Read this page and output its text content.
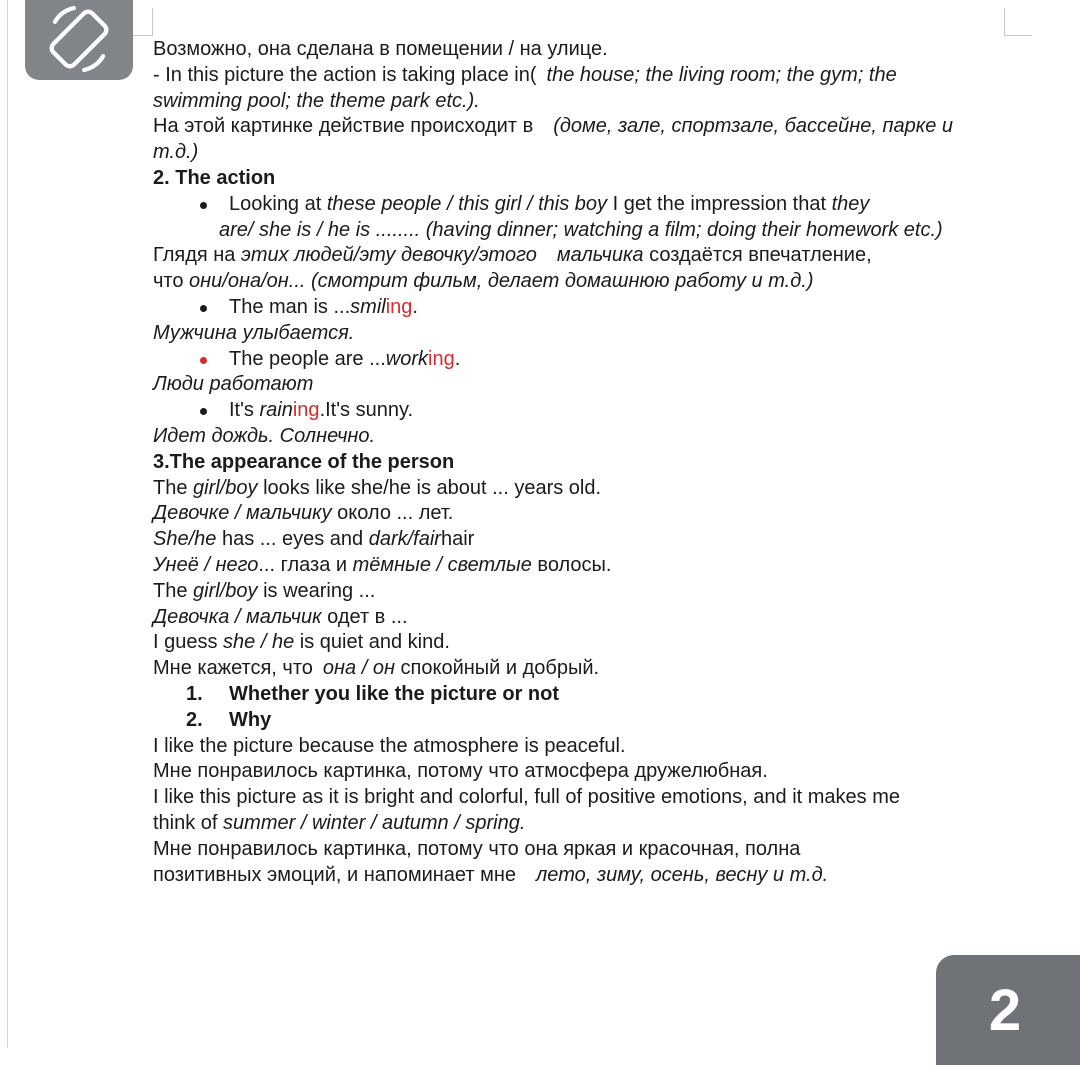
Возможно, она сделана в помещении / на улице.
- In this picture the action is taking place in( the house; the living room; the gym; the
swimming pool; the theme park etc.).
На этой картинке действие происходит в (доме, зале, спортзале, бассейне, парке и
т.д.)
2. The action
Looking at these people / this girl / this boy I get the impression that they
are/ she is / he is ........ (having dinner; watching a film; doing their homework etc.)
Глядя на этих людей/эту девочку/этого мальчика создаётся впечатление,
что они/она/он... (смотрит фильм, делает домашнюю работу и т.д.)
The man is ...smiling.
Мужчина улыбается.
The people are ...working.
Люди работают
It's raining.It's sunny.
Идет дождь. Солнечно.
3.The appearance of the person
The girl/boy looks like she/he is about ... years old.
Девочке / мальчику около ... лет.
She/he has ... eyes and dark/fairhair
Унеё / него... глаза и тёмные / светлые волосы.
The girl/boy is wearing ...
Девочка / мальчик одет в ...
I guess she / he is quiet and kind.
Мне кажется, что она / он спокойный и добрый.
1. Whether you like the picture or not
2. Why
I like the picture because the atmosphere is peaceful.
Мне понравилось картинка, потому что атмосфера дружелюбная.
I like this picture as it is bright and colorful, full of positive emotions, and it makes me
think of summer / winter / autumn / spring.
Мне понравилось картинка, потому что она яркая и красочная, полна
позитивных эмоций, и напоминает мне лето, зиму, осень, весну и т.д.
2
